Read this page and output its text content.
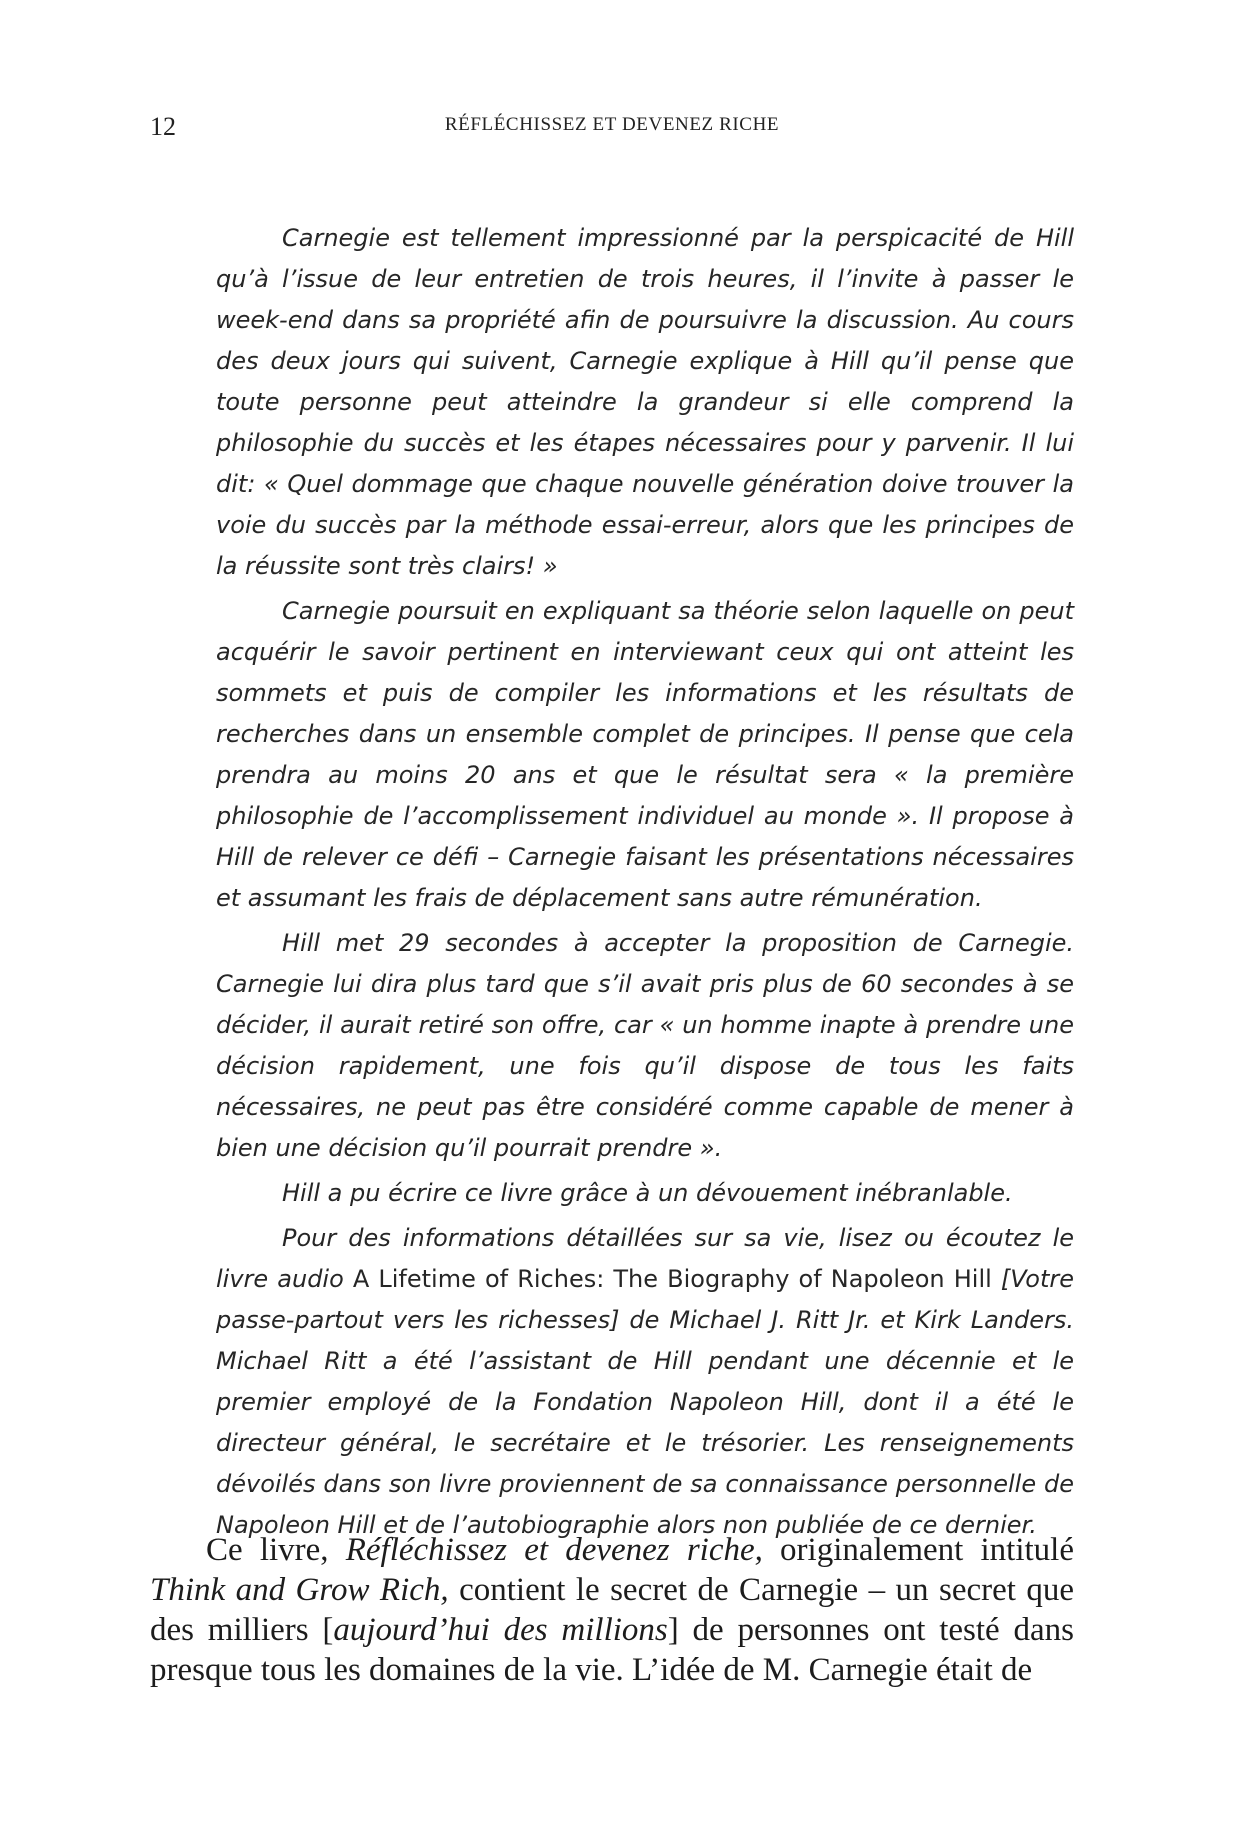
12	RÉFLÉCHISSEZ ET DEVENEZ RICHE

Carnegie est tellement impressionné par la perspicacité de Hill qu’à l’issue de leur entretien de trois heures, il l’invite à passer le week-end dans sa propriété afin de poursuivre la discussion. Au cours des deux jours qui suivent, Carnegie explique à Hill qu’il pense que toute personne peut atteindre la grandeur si elle comprend la philosophie du succès et les étapes nécessaires pour y parvenir. Il lui dit: « Quel dommage que chaque nouvelle génération doive trouver la voie du succès par la méthode essai-erreur, alors que les principes de la réussite sont très clairs! »

Carnegie poursuit en expliquant sa théorie selon laquelle on peut acquérir le savoir pertinent en interviewant ceux qui ont atteint les sommets et puis de compiler les informations et les résultats de recherches dans un ensemble complet de principes. Il pense que cela prendra au moins 20 ans et que le résultat sera « la première philosophie de l’accomplissement individuel au monde ». Il propose à Hill de relever ce défi – Carnegie faisant les présentations nécessaires et assumant les frais de déplacement sans autre rémunération.

Hill met 29 secondes à accepter la proposition de Carnegie. Carnegie lui dira plus tard que s’il avait pris plus de 60 secondes à se décider, il aurait retiré son offre, car « un homme inapte à prendre une décision rapidement, une fois qu’il dispose de tous les faits nécessaires, ne peut pas être considéré comme capable de mener à bien une décision qu’il pourrait prendre ».

Hill a pu écrire ce livre grâce à un dévouement inébranlable.

Pour des informations détaillées sur sa vie, lisez ou écoutez le livre audio A Lifetime of Riches: The Biography of Napoleon Hill [Votre passe-partout vers les richesses] de Michael J. Ritt Jr. et Kirk Landers. Michael Ritt a été l’assistant de Hill pendant une décennie et le premier employé de la Fondation Napoleon Hill, dont il a été le directeur général, le secrétaire et le trésorier. Les renseignements dévoilés dans son livre proviennent de sa connaissance personnelle de Napoleon Hill et de l’autobiographie alors non publiée de ce dernier.

Ce livre, Réfléchissez et devenez riche, originalement intitulé Think and Grow Rich, contient le secret de Carnegie – un secret que des milliers [aujourd’hui des millions] de personnes ont testé dans presque tous les domaines de la vie. L’idée de M. Carnegie était de
